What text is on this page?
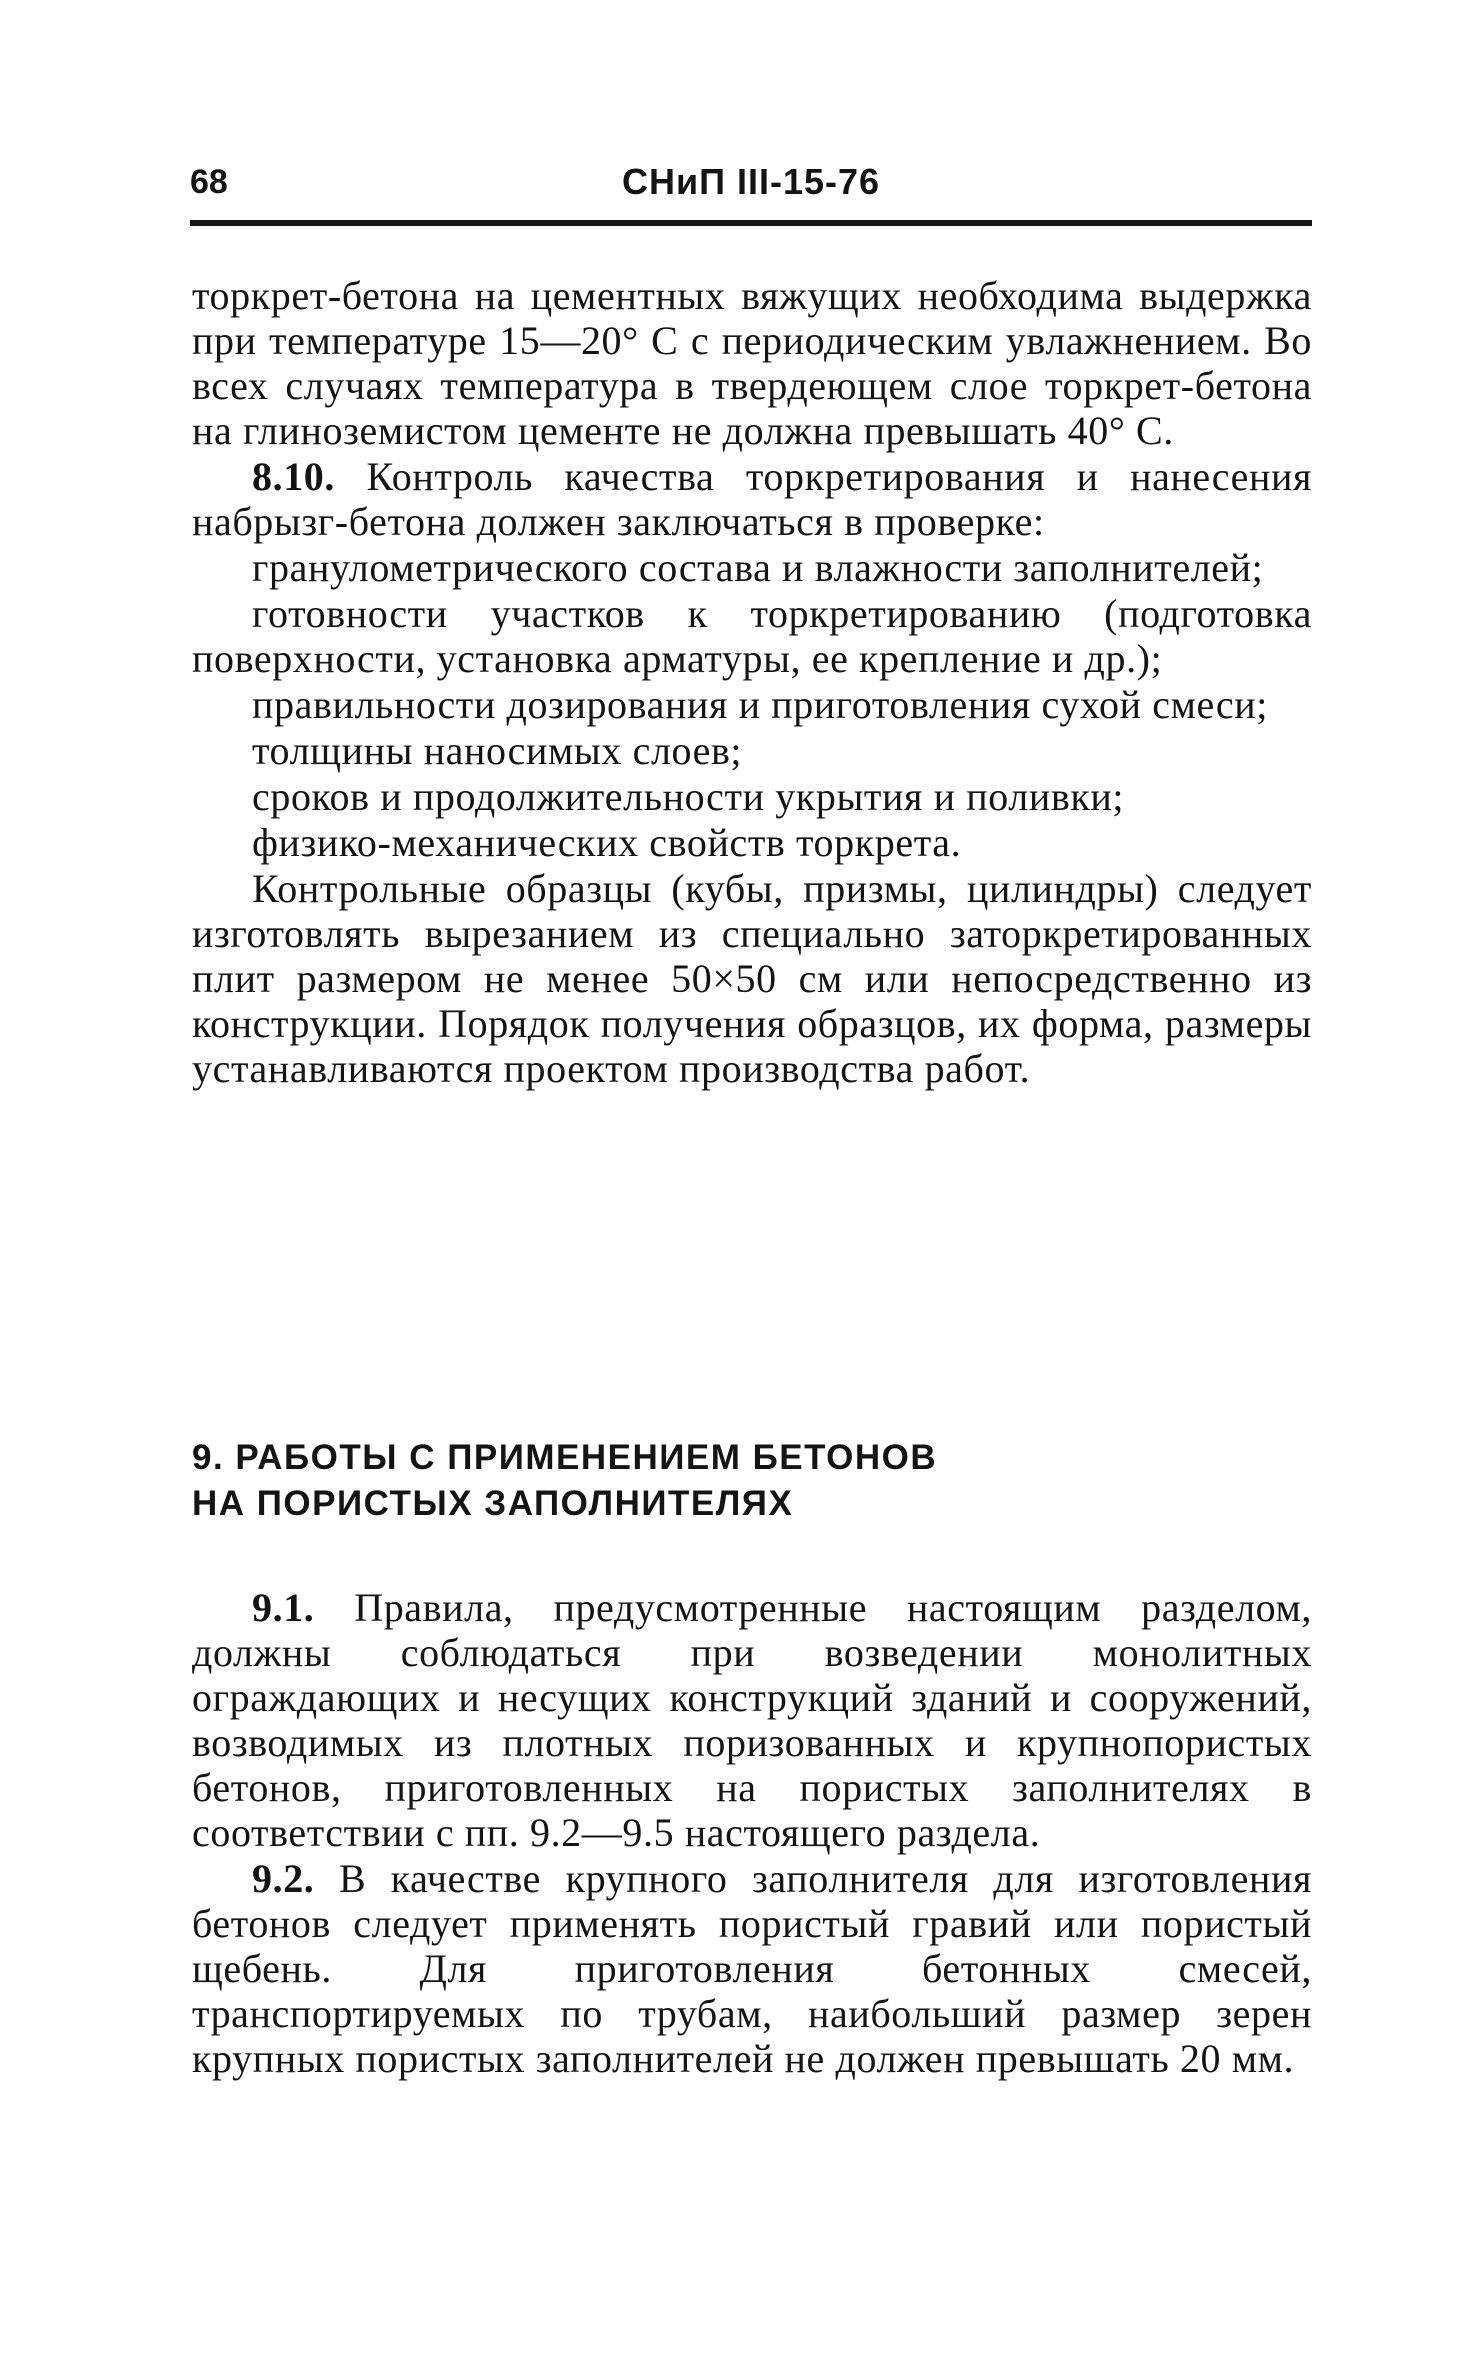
68	СНиП III-15-76

торкрет-бетона на цементных вяжущих необходима выдержка при температуре 15—20° С с периодическим увлажнением. Во всех случаях температура в твердеющем слое торкрет-бетона на глиноземистом цементе не должна превышать 40° С.

8.10. Контроль качества торкретирования и нанесения набрызг-бетона должен заключаться в проверке:

гранулометрического состава и влажности заполнителей;

готовности участков к торкретированию (подготовка поверхности, установка арматуры, ее крепление и др.);

правильности дозирования и приготовления сухой смеси;

толщины наносимых слоев;

сроков и продолжительности укрытия и поливки;

физико-механических свойств торкрета.

Контрольные образцы (кубы, призмы, цилиндры) следует изготовлять вырезанием из специально заторкретированных плит размером не менее 50×50 см или непосредственно из конструкции. Порядок получения образцов, их форма, размеры устанавливаются проектом производства работ.

9. РАБОТЫ С ПРИМЕНЕНИЕМ БЕТОНОВ
НА ПОРИСТЫХ ЗАПОЛНИТЕЛЯХ

9.1. Правила, предусмотренные настоящим разделом, должны соблюдаться при возведении монолитных ограждающих и несущих конструкций зданий и сооружений, возводимых из плотных поризованных и крупнопористых бетонов, приготовленных на пористых заполнителях в соответствии с пп. 9.2—9.5 настоящего раздела.

9.2. В качестве крупного заполнителя для изготовления бетонов следует применять пористый гравий или пористый щебень. Для приготовления бетонных смесей, транспортируемых по трубам, наибольший размер зерен крупных пористых заполнителей не должен превышать 20 мм.
